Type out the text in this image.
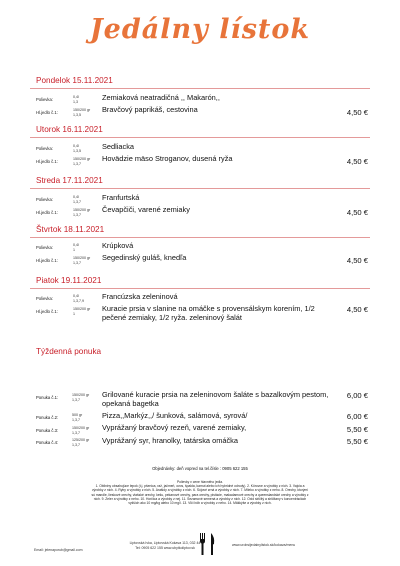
Jedálny lístok
Pondelok 15.11.2021
Polievka:	0,4l
1,3	Zemiaková neatradičná ,, Makarón,,
Hl.jedlo č.1:	150/200 gr
1,3,5
Bravčový paprikáš, cestovina	4,50 €
Utorok 16.11.2021
Polievka:	0,4l
1,3,5	Sedliacka
Hl.jedlo č.1:	150/200 gr
1,3,7
Hovädzie mäso Stroganov, dusená ryža	4,50 €
Streda 17.11.2021
Polievka:	0,4l
1,3,7	Franfurtská
Hl.jedlo č.1:	150/200 gr
1,3,7
Čevapčiči, varené zemiaky	4,50 €
Štvrtok 18.11.2021
Polievka:	0,4l
1	Krúpková
Hl.jedlo č.1:	150/200 gr
1,3,7
Segedinský guláš, knedľa	4,50 €
Piatok 19.11.2021
Polievka:	0,4l
1,3,7,9 Francúzska zeleninová
Hl.jedlo č.1:	150/200 gr
1
Kuracie prsia v slanine na omáčke s provensálskym korením, 1/2 pečené zemiaky, 1/2 ryža. zeleninový šalát
4,50 €
Týždenná ponuka
Ponuka č.1:	150/200 gr
1,3,7
Grilované kuracie prsia na zeleninovom šaláte s bazalkovým pestom, opekaná bagetka
6,00 €
Ponuka č.2:	500 gr
1,3,7	Pizza,,Markýz,,/ šunková, salámová, syrová/	6,00 €
Ponuka č.3:	150/200 gr
1,3,7
Vyprážaný bravčový rezeň, varené zemiaky,	5,50 €
Ponuka č.4:	125/200 gr
1,3,7	Vyprážaný syr, hranolky, tatárska omáčka	5,50 €
Objednávky: deň vopred na tel.čísle : 0905 622 155
Polievky v cene hlavného jedla.
1. Obilniny obsahujúce lepok (t.j. pšenica, raž, jačmeň, ovos, špalda, kamut alebo ich hybridné odrody). 2. Kôrovce a výrobky z nich. 3. Vajcia a
výrobky z nich. 4. Ryby a výrobky z nich. 5. Arašidy a výrobky z nich. 6. Sójové zrná a výrobky z nich. 7. Mlieko a výrobky z neho. 8. Orechy, ktorými
sú mandle, lieskové orechy, vlašské orechy, kešu, pekanové orechy, para orechy, pistácie, makadamové orechy a queenslandské orechy a výrobky z
nich. 9. Zeler a výrobky z neho. 10. Horčica a výrobky z nej. 11. Sezamové semená a výrobky z nich. 12. Oxid siričitý a siričitany v koncentráciách
vyšších ako 10 mg/kg alebo 10 mg/l. 13. Vlčí bôb a výrobky z neho. 14. Mäkkýše a výrobky z nich.
Email: jelenaporub@gmail.com
Liptovská Ivka, Liptovská Kokava 113, 032 44
Tel: 0905 622 155 www.ubytkoliptov.sk
www.urobsijedalnylistok.sk/kokava/menu
